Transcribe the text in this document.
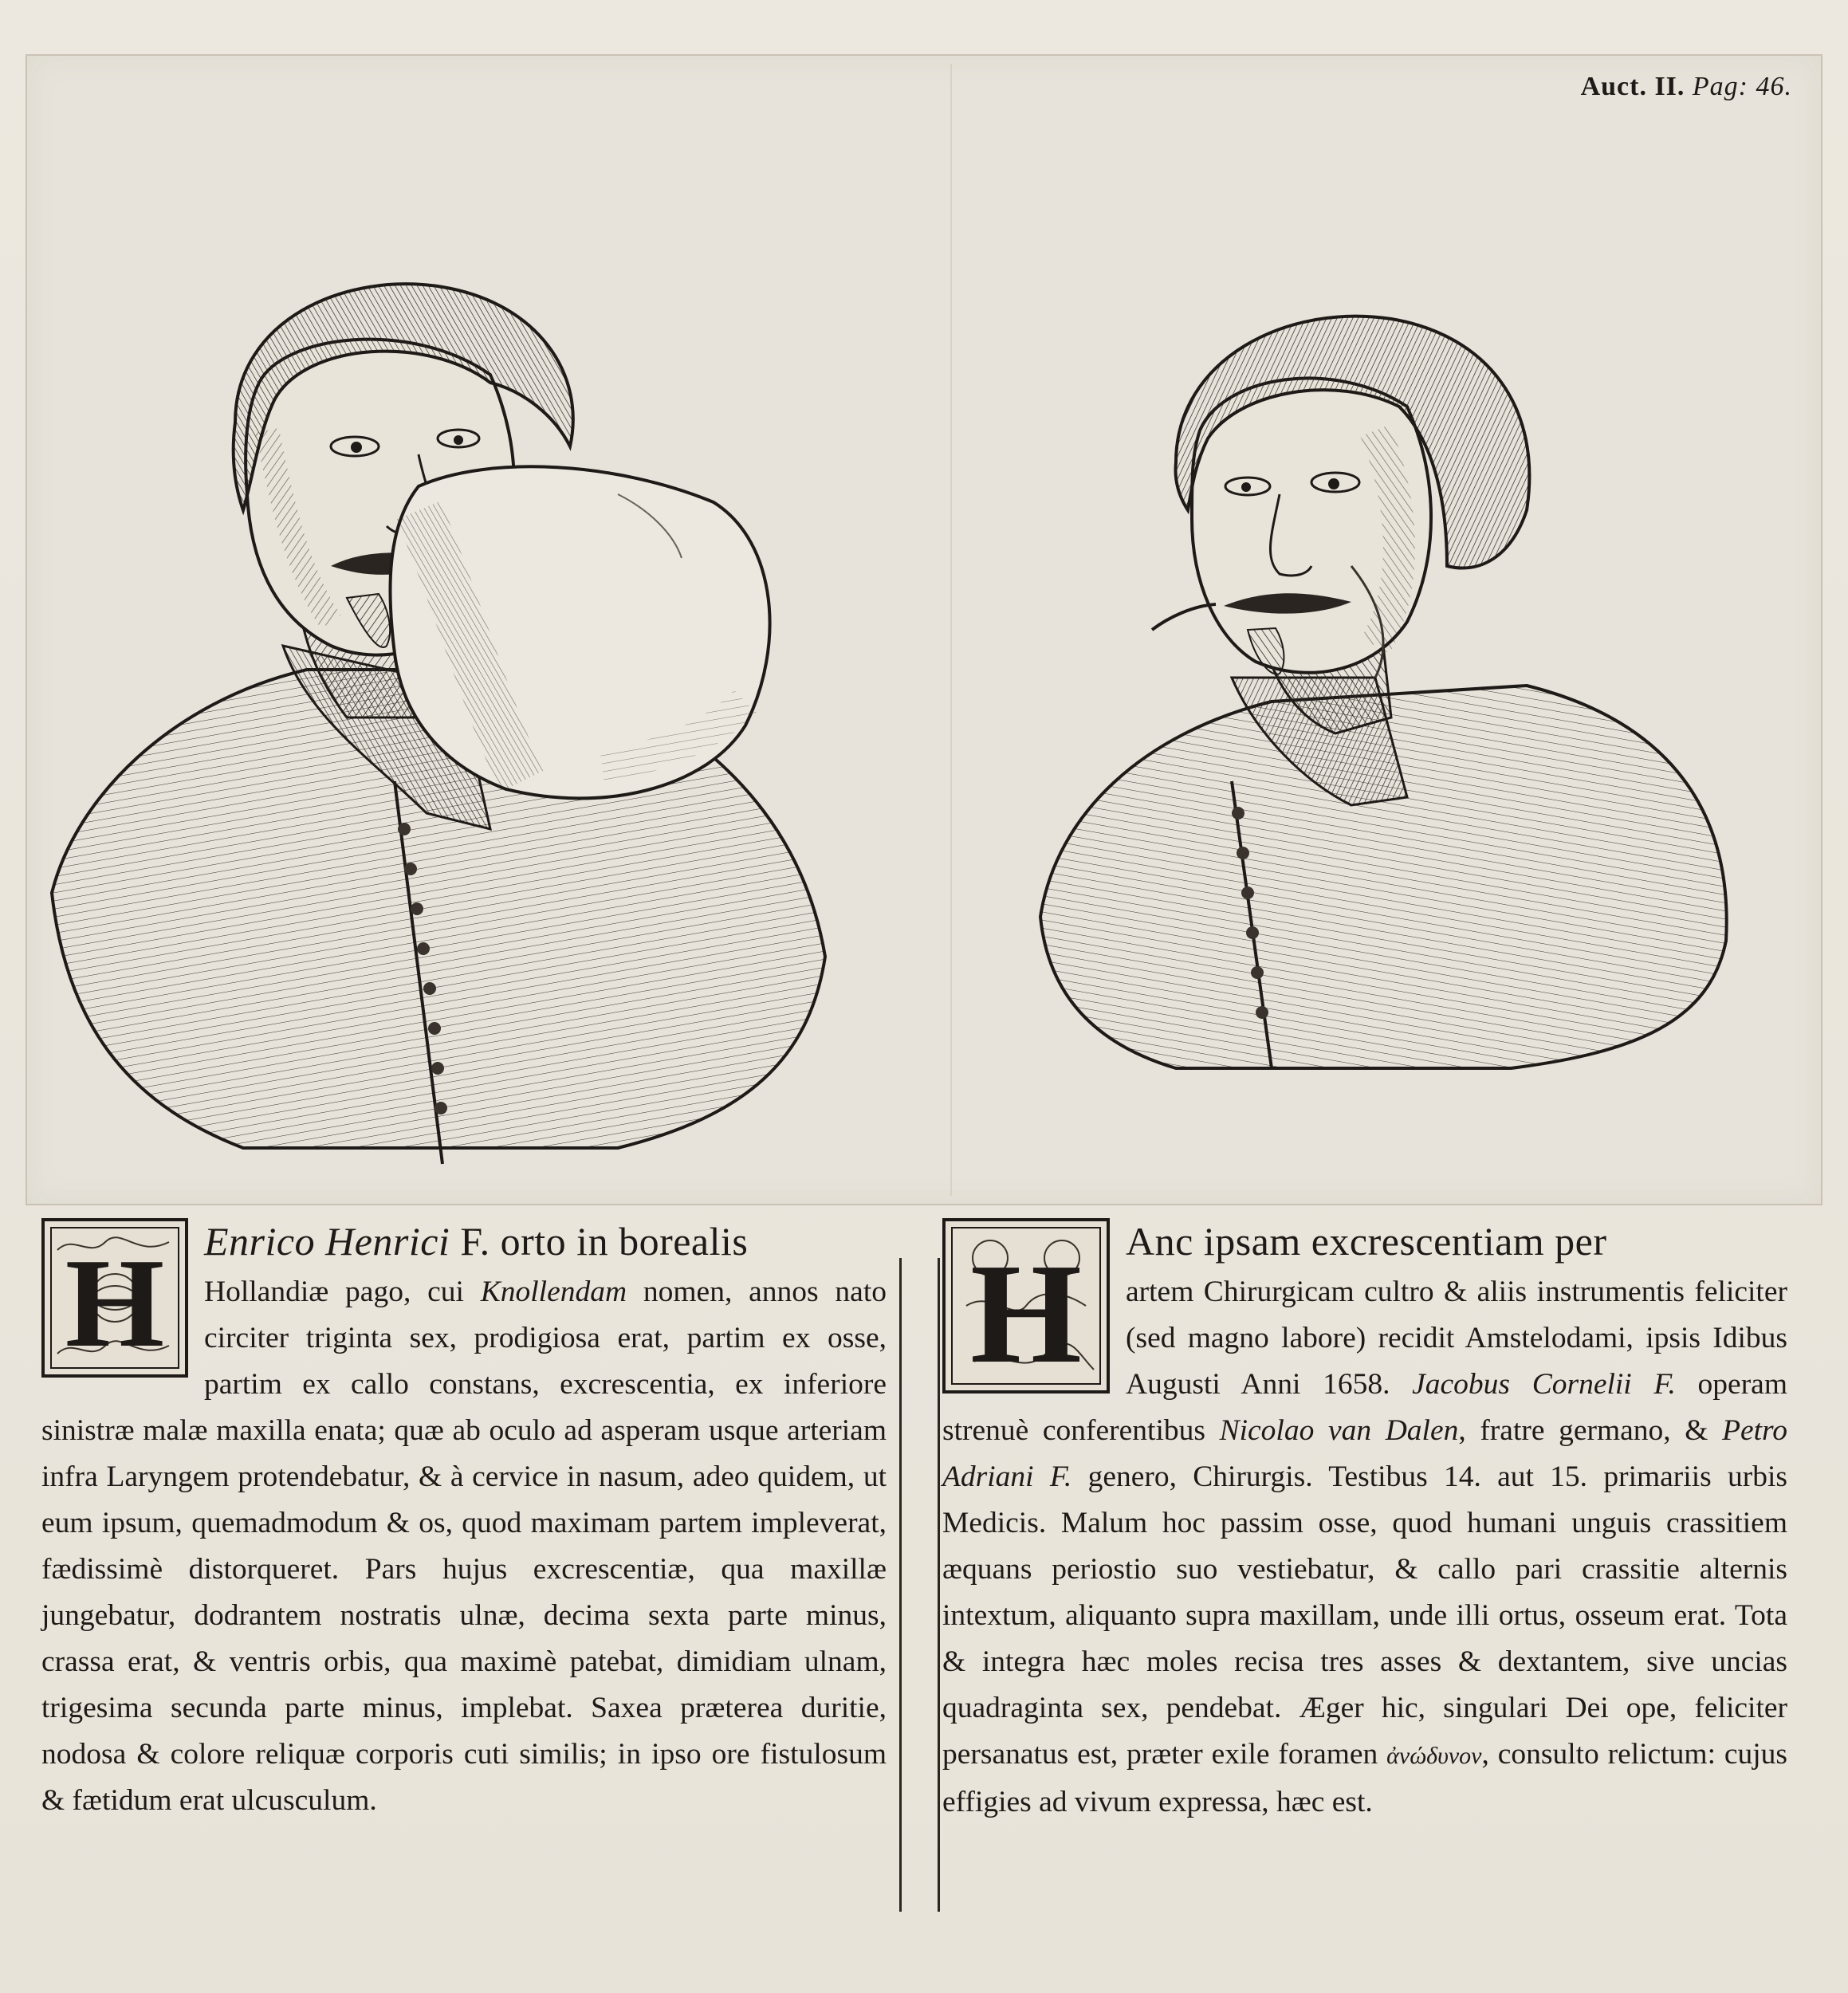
Auct. II. Pag: 46.
H Enrico Henrici F. orto in borealis
Hollandiæ pago, cui Knollendam nomen, annos nato circiter triginta sex, prodigiosa erat, partim ex osse, partim ex callo constans, excrescentia, ex inferiore sinistræ malæ maxilla enata; quæ ab oculo ad asperam usque arteriam infra Laryngem protendebatur, & à cervice in nasum, adeo quidem, ut eum ipsum, quemadmodum & os, quod maximam partem impleverat, fædissimè distorqueret. Pars hujus excrescentiæ, qua maxillæ jungebatur, dodrantem nostratis ulnæ, decima sexta parte minus, crassa erat, & ventris orbis, qua maximè patebat, dimidiam ulnam, trigesima secunda parte minus, implebat. Saxea præterea duritie, nodosa & colore reliquæ corporis cuti similis; in ipso ore fistulosum & fætidum erat ulcusculum.

H	Anc ipsam excrescentiam per
artem Chirurgicam cultro & aliis instrumentis feliciter (sed magno labore) recidit Amstelodami, ipsis Idibus Augusti Anni 1658. Jacobus Cornelii F. operam strenuè conferentibus Nicolao van Dalen, fratre germano, & Petro Adriani F. genero, Chirurgis. Testibus 14. aut 15. primariis urbis Medicis. Malum hoc passim osse, quod humani unguis crassitiem æquans periostio suo vestiebatur, & callo pari crassitie alternis intextum, aliquanto supra maxillam, unde illi ortus, osseum erat. Tota & integra hæc moles recisa tres asses & dextantem, sive uncias quadraginta sex, pendebat. Æger hic, singulari Dei ope, feliciter persanatus est, præter exile foramen ἀνώδυνον, consulto relictum: cujus effigies ad vivum expressa, hæc est.
